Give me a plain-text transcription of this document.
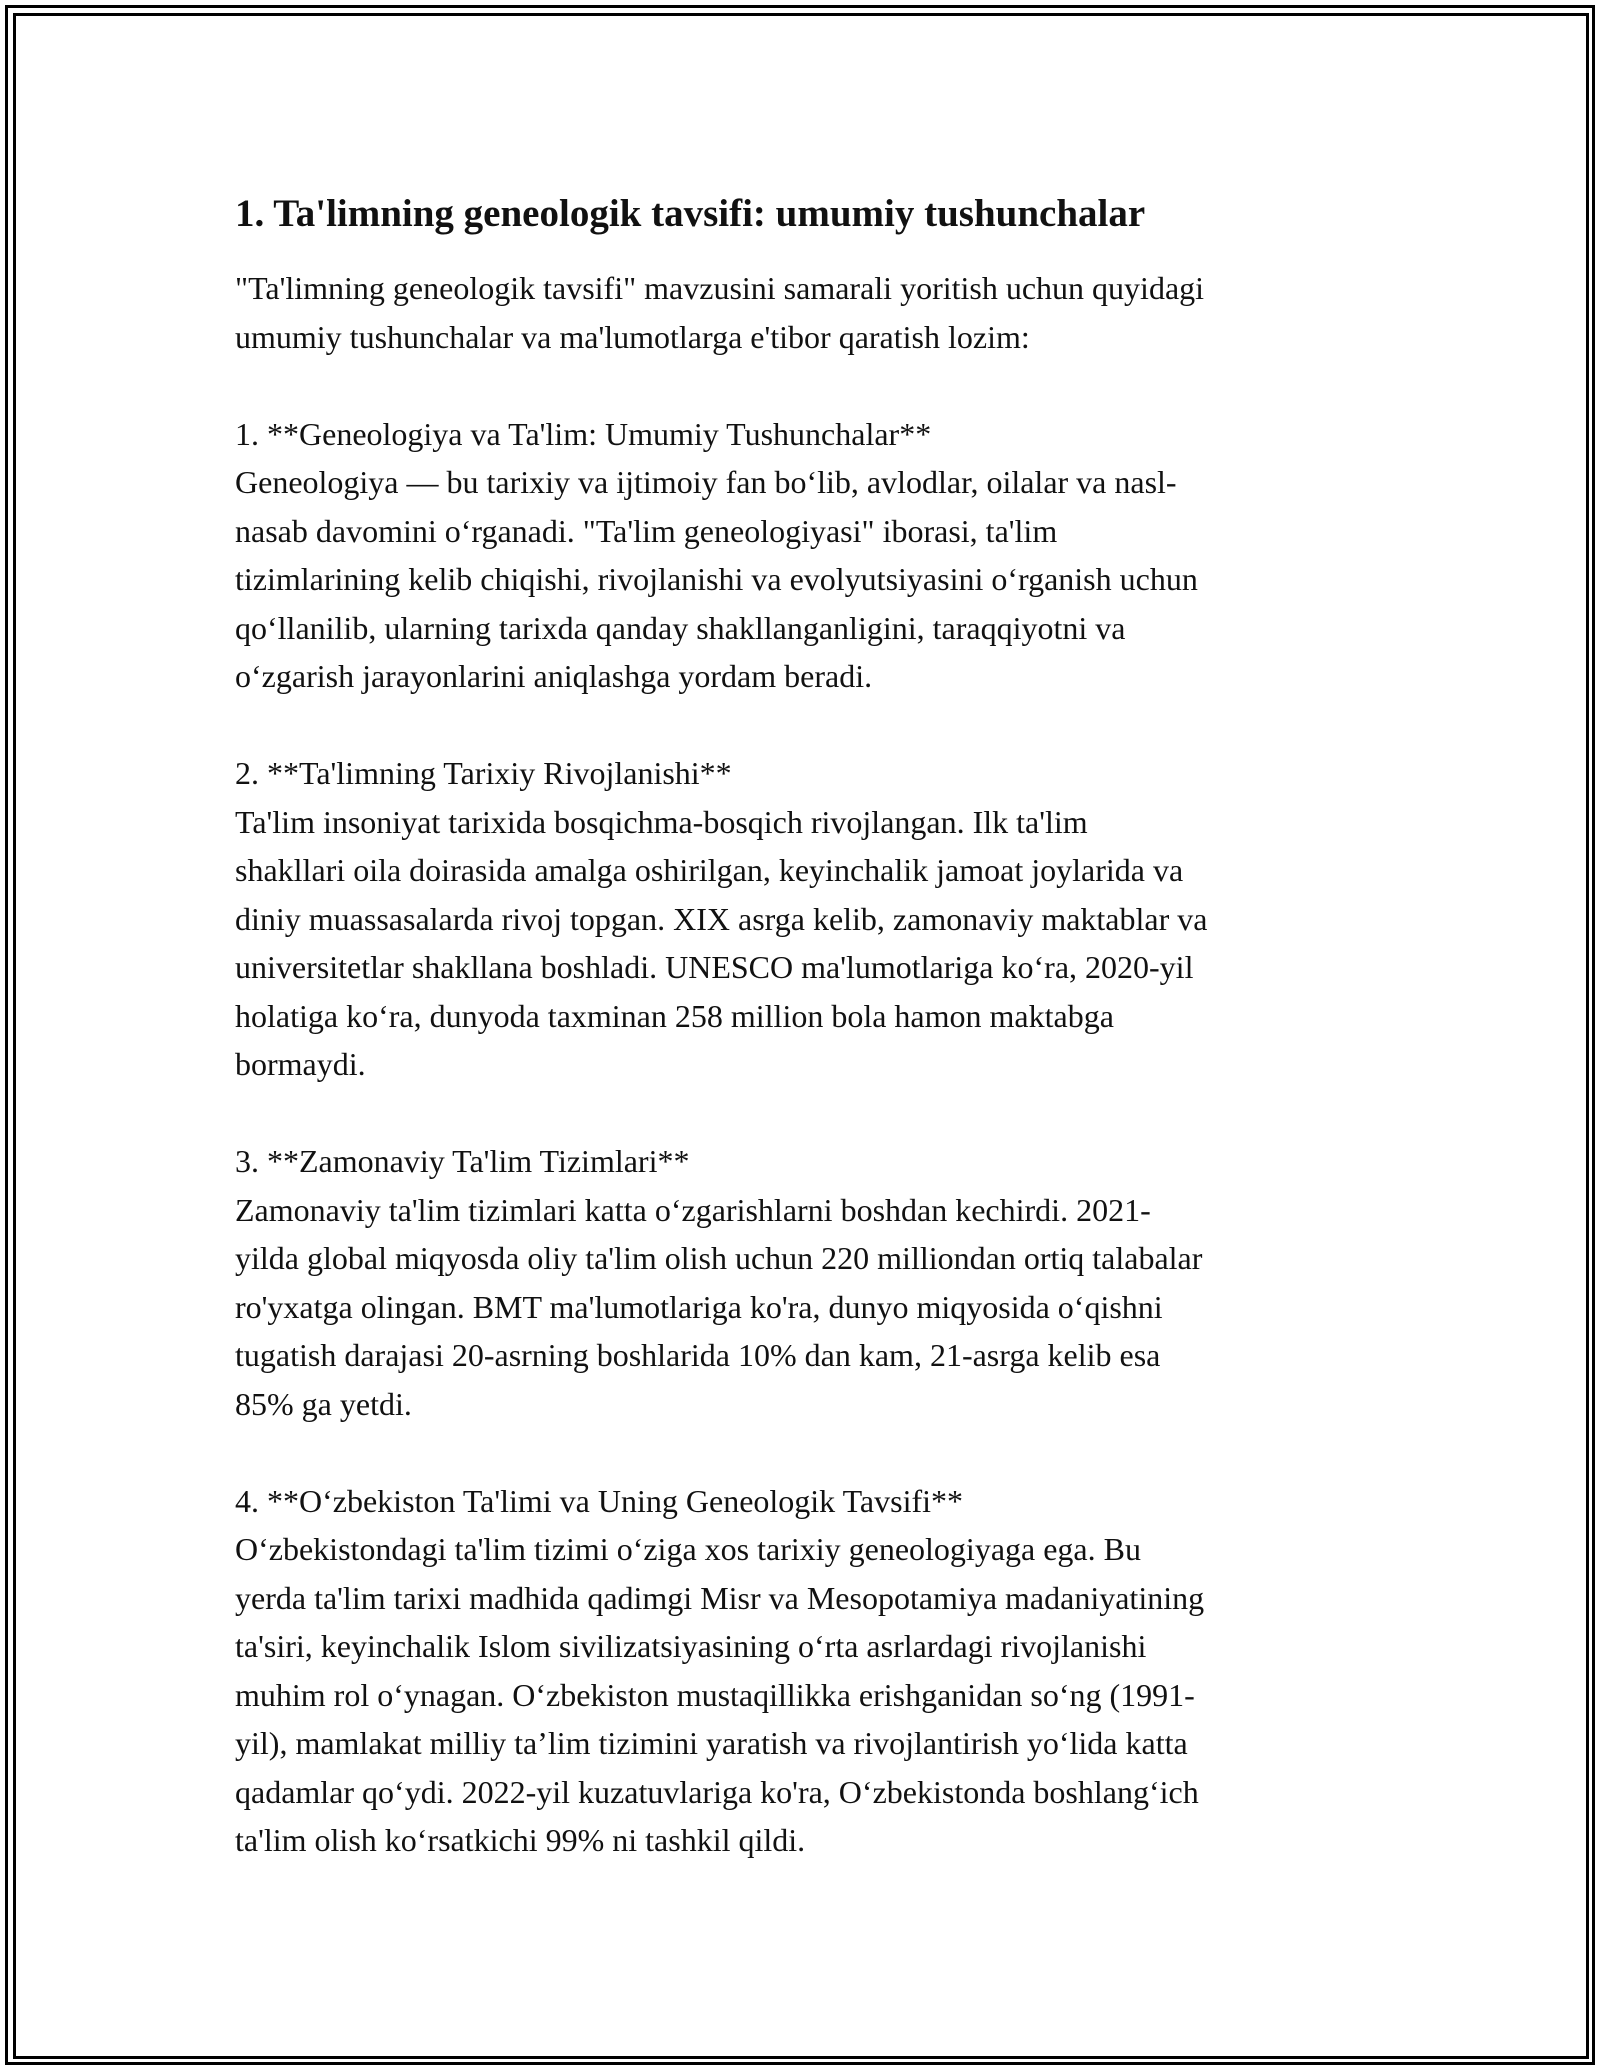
1. Ta'limning geneologik tavsifi: umumiy tushunchalar

"Ta'limning geneologik tavsifi" mavzusini samarali yoritish uchun quyidagi
umumiy tushunchalar va ma'lumotlarga e'tibor qaratish lozim:

1. **Geneologiya va Ta'lim: Umumiy Tushunchalar**

Geneologiya — bu tarixiy va ijtimoiy fan boʻlib, avlodlar, oilalar va nasl-
nasab davomini oʻrganadi. "Ta'lim geneologiyasi" iborasi, ta'lim
tizimlarining kelib chiqishi, rivojlanishi va evolyutsiyasini oʻrganish uchun
qoʻllanilib, ularning tarixda qanday shakllanganligini, taraqqiyotni va
oʻzgarish jarayonlarini aniqlashga yordam beradi.

2. **Ta'limning Tarixiy Rivojlanishi**

Ta'lim insoniyat tarixida bosqichma-bosqich rivojlangan. Ilk ta'lim
shakllari oila doirasida amalga oshirilgan, keyinchalik jamoat joylarida va
diniy muassasalarda rivoj topgan. XIX asrga kelib, zamonaviy maktablar va
universitetlar shakllana boshladi. UNESCO ma'lumotlariga koʻra, 2020-yil
holatiga koʻra, dunyoda taxminan 258 million bola hamon maktabga
bormaydi.

3. **Zamonaviy Ta'lim Tizimlari**

Zamonaviy ta'lim tizimlari katta oʻzgarishlarni boshdan kechirdi. 2021-
yilda global miqyosda oliy ta'lim olish uchun 220 milliondan ortiq talabalar
ro'yxatga olingan. BMT ma'lumotlariga ko'ra, dunyo miqyosida oʻqishni
tugatish darajasi 20-asrning boshlarida 10% dan kam, 21-asrga kelib esa
85% ga yetdi.

4. **Oʻzbekiston Ta'limi va Uning Geneologik Tavsifi**

Oʻzbekistondagi ta'lim tizimi oʻziga xos tarixiy geneologiyaga ega. Bu
yerda ta'lim tarixi madhida qadimgi Misr va Mesopotamiya madaniyatining
ta'siri, keyinchalik Islom sivilizatsiyasining oʻrta asrlardagi rivojlanishi
muhim rol oʻynagan. Oʻzbekiston mustaqillikka erishganidan soʻng (1991-
yil), mamlakat milliy ta’lim tizimini yaratish va rivojlantirish yoʻlida katta
qadamlar qoʻydi. 2022-yil kuzatuvlariga ko'ra, Oʻzbekistonda boshlangʻich
ta'lim olish koʻrsatkichi 99% ni tashkil qildi.
